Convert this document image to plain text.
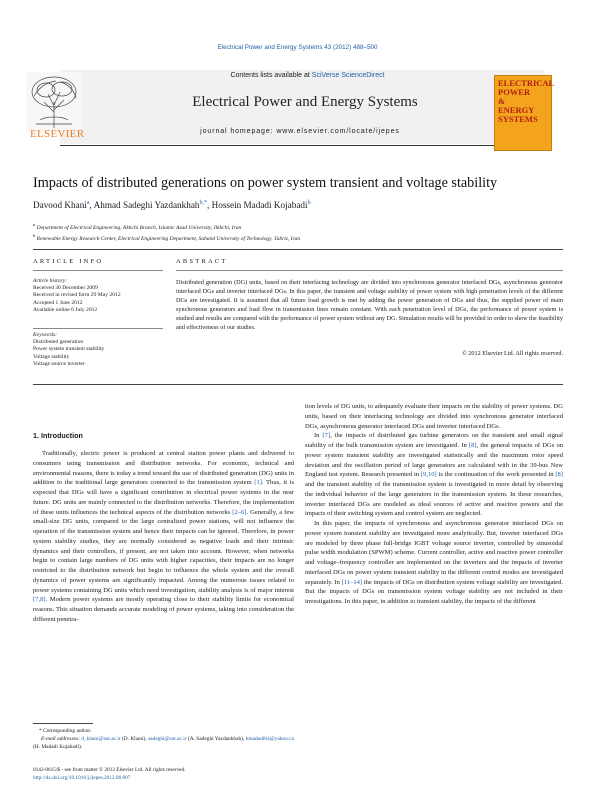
Electrical Power and Energy Systems 43 (2012) 488–500
ELSEVIER
Contents lists available at SciVerse ScienceDirect
Electrical Power and Energy Systems
journal homepage: www.elsevier.com/locate/ijepes
ELECTRICAL
POWER
&
ENERGY
SYSTEMS
Impacts of distributed generations on power system transient and voltage stability
Davood Khani$^a$, Ahmad Sadeghi Yazdankhah$^{b,*}$, Hossein Madadi Kojabadi$^b$
$^a$ Department of Electrical Engineering, Ilkhchi Branch, Islamic Azad University, Ilkhchi, Iran
$^b$ Renewable Energy Research Center, Electrical Engineering Department, Sahand University of Technology, Tabriz, Iran
ARTICLE INFO	ABSTRACT
Article history:
Received 30 December 2009
Received in revised form 29 May 2012
Accepted 1 June 2012
Available online 6 July 2012
Keywords:
Distributed generation
Power system transient stability
Voltage stability
Voltage source inverter
Distributed generation (DG) units, based on their interfacing technology are divided into synchronous generator interfaced DGs, asynchronous generator interfaced DGs and inverter interfaced DGs. In this paper, the transient and voltage stability of power system with high penetration levels of the different DGs are investigated. It is assumed that all future load growth is met by adding the power generation of DGs and thus, the supplied power of main synchronous generators and load flow in transmission lines remain constant. With each penetration level of DGs, the performance of power system is studied and results are compared with the performance of power system without any DG. Simulation results will be provided in order to show the feasibility and effectiveness of our studies.
© 2012 Elsevier Ltd. All rights reserved.
1. Introduction

Traditionally, electric power is produced at central station power plants and delivered to consumers using transmission and distribution networks. For economic, technical and environmental reasons, there is today a trend toward the use of distributed generation (DG) units in addition to the traditional large generators connected to the transmission system [1]. Thus, it is expected that DGs will have a significant contribution in electrical power systems in the near future. DG units are mainly connected to the distribution networks. Therefore, the implementation of these units influences the technical aspects of the distribution networks [2–6]. Generally, a few small-size DG units, compared to the large centralized power stations, will not influence the operation of the transmission system and hence their impacts can be ignored. Therefore, in power system stability studies, they are normally considered as negative loads and their intrinsic dynamics and their controllers, if present, are not taken into account. However, when networks begin to contain large numbers of DG units with higher capacities, their impacts are no longer restricted to the distribution network but begin to influence the whole system and the overall dynamics of power systems are significantly impacted. Among the numerous issues related to power systems containing DG units which need investigation, stability analysis is of major interest [7,8]. Modern power systems are mostly operating close to their stability limits for economical reasons. This situation demands accurate modeling of power systems, taking into consideration the different penetra-

tion levels of DG units, to adequately evaluate their impacts on the stability of power systems. DG units, based on their interfacing technology are divided into synchronous generator interfaced DGs, asynchronous generator interfaced DGs and inverter interfaced DGs.

In [7], the impacts of distributed gas turbine generators on the transient and small signal stability of the bulk transmission system are investigated. In [8], the general impacts of DGs on power system transient stability are investigated statistically and the maximum rotor speed deviation and the oscillation period of large generators are calculated with in the 39-bus New England test system. Research presented in [9,10] is the continuation of the work presented in [8] and the transient stability of the transmission system is investigated in more detail by observing the individual behavior of the large generators in the transmission system. In these researches, inverter interfaced DGs are modeled as ideal sources of active and reactive powers and the impacts of their switching system and control system are neglected.

In this paper, the impacts of synchronous and asynchronous generator interfaced DGs on power system transient stability are investigated more analytically. But, inverter interfaced DGs are modeled by three phase full-bridge IGBT voltage source inverter, controlled by sinusoidal pulse width modulation (SPWM) scheme. Current controller, active and reactive power controller and voltage–frequency controller are implemented on the inverters and the impacts of inverter interfaced DGs on power system transient stability in the different control modes are investigated separately. In [11–14] the impacts of DGs on distribution system voltage stability are investigated. But the impacts of DGs on transmission system voltage stability are not included in their investigations. In this paper, in addition to transient stability, the impacts of the different

* Corresponding author.
E-mail addresses: d_khani@sut.ac.ir (D. Khani), sadeghi@sut.ac.ir (A. Sadeghi Yazdankhah), hmadadi64@yahoo.ca (H. Madadi Kojabadi).
0142-0615/$ - see front matter © 2012 Elsevier Ltd. All rights reserved.
http://dx.doi.org/10.1016/j.ijepes.2012.06.007
